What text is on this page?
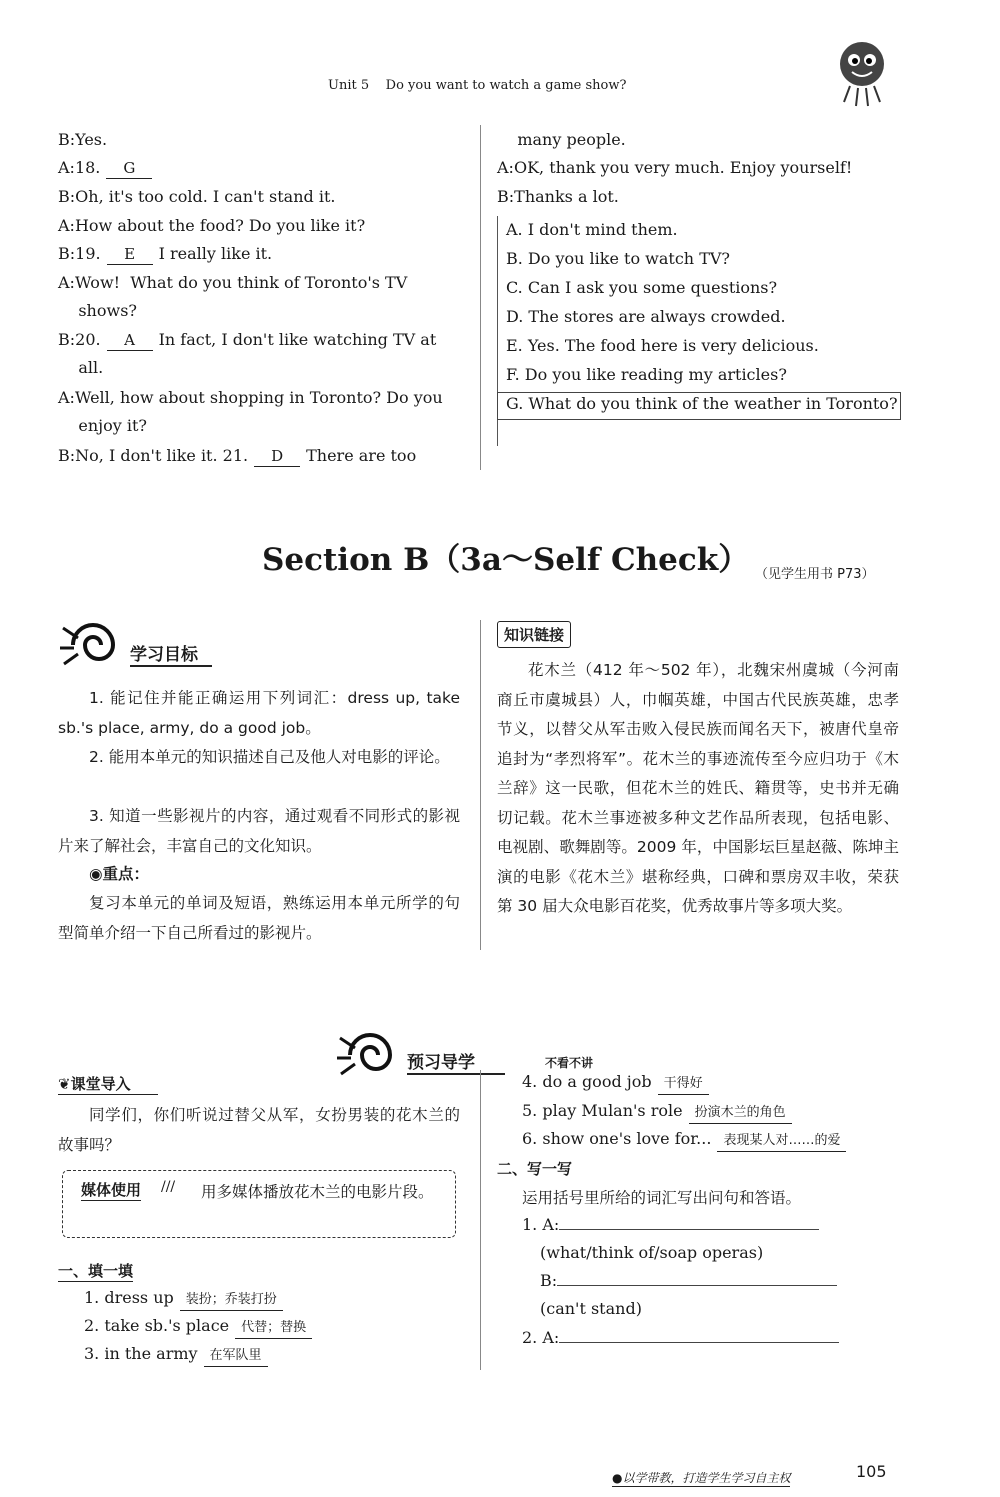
Unit 5    Do you want to watch a game show?
B:Yes.
A:18. G
B:Oh, it's too cold. I can't stand it.
A:How about the food? Do you like it?
B:19. E I really like it.
A:Wow!  What do you think of Toronto's TV
shows?
B:20. A In fact, I don't like watching TV at
all.
A:Well, how about shopping in Toronto? Do you
enjoy it?
B:No, I don't like it. 21. D There are too
many people.
A:OK, thank you very much. Enjoy yourself!
B:Thanks a lot.
A. I don't mind them.
B. Do you like to watch TV?
C. Can I ask you some questions?
D. The stores are always crowded.
E. Yes. The food here is very delicious.
F. Do you like reading my articles?
G. What do you think of the weather in Toronto?
Section B（3a～Self Check） （见学生用书 P73）
学习目标
1. 能记住并能正确运用下列词汇：dress up, take sb.'s place, army, do a good job。
2. 能用本单元的知识描述自己及他人对电影的评论。
3. 知道一些影视片的内容，通过观看不同形式的影视片来了解社会，丰富自己的文化知识。
◉重点：
复习本单元的单词及短语，熟练运用本单元所学的句型简单介绍一下自己所看过的影视片。
知识链接
花木兰（412 年～502 年），北魏宋州虞城（今河南商丘市虞城县）人，巾帼英雄，中国古代民族英雄，忠孝节义，以替父从军击败入侵民族而闻名天下，被唐代皇帝追封为“孝烈将军”。花木兰的事迹流传至今应归功于《木兰辞》这一民歌，但花木兰的姓氏、籍贯等，史书并无确切记载。花木兰事迹被多种文艺作品所表现，包括电影、电视剧、歌舞剧等。2009 年，中国影坛巨星赵薇、陈坤主演的电影《花木兰》堪称经典，口碑和票房双丰收，荣获第 30 届大众电影百花奖，优秀故事片等多项大奖。
预习导学	不看不讲
❦课堂导入
同学们，你们听说过替父从军，女扮男装的花木兰的故事吗？
媒体使用 ///	用多媒体播放花木兰的电影片段。
一、填一填
1. dress up 装扮；乔装打扮
2. take sb.'s place 代替；替换
3. in the army 在军队里
4. do a good job 干得好
5. play Mulan's role 扮演木兰的角色
6. show one's love for... 表现某人对……的爱
二、写一写
运用括号里所给的词汇写出问句和答语。
1. A:
(what/think of/soap operas)
B:
(can't stand)
2. A:
●以学带教，打造学生学习自主权	105
